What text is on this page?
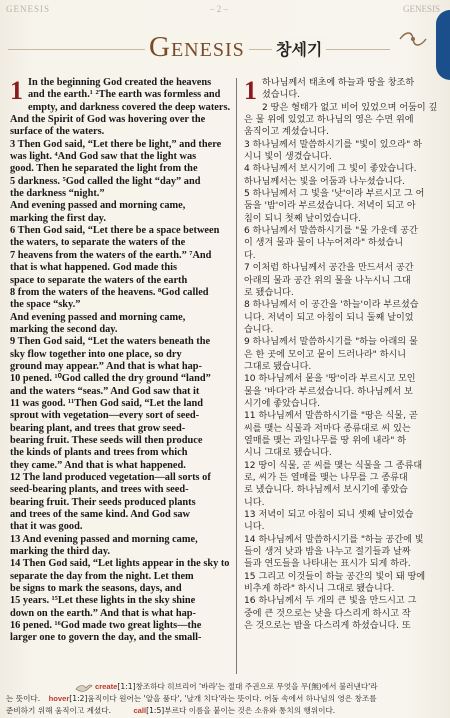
GENESIS	– 2 –	GENESIS
Genesis 창세기
1 In the beginning God created the heavens

and the earth.¹ ²The earth was formless and

empty, and darkness covered the deep waters.

And the Spirit of God was hovering over the

surface of the waters.

3 Then God said, “Let there be light,” and there

was light. ⁴And God saw that the light was

good. Then he separated the light from the

5 darkness. ⁵God called the light “day” and

the darkness “night.”

And evening passed and morning came,

marking the first day.

6 Then God said, “Let there be a space between

the waters, to separate the waters of the

7 heavens from the waters of the earth.” ⁷And

that is what happened. God made this

space to separate the waters of the earth

8 from the waters of the heavens. ⁸God called

the space “sky.”

And evening passed and morning came,

marking the second day.

9 Then God said, “Let the waters beneath the

sky flow together into one place, so dry

ground may appear.” And that is what hap-

10 pened. ¹⁰God called the dry ground “land”

and the waters “seas.” And God saw that it

11 was good. ¹¹Then God said, “Let the land

sprout with vegetation—every sort of seed-

bearing plant, and trees that grow seed-

bearing fruit. These seeds will then produce

the kinds of plants and trees from which

they came.” And that is what happened.

12 The land produced vegetation—all sorts of

seed-bearing plants, and trees with seed-

bearing fruit. Their seeds produced plants

and trees of the same kind. And God saw

that it was good.

13 And evening passed and morning came,

marking the third day.

14 Then God said, “Let lights appear in the sky to

separate the day from the night. Let them

be signs to mark the seasons, days, and

15 years. ¹⁵Let these lights in the sky shine

down on the earth.” And that is what hap-

16 pened. ¹⁶God made two great lights—the

larger one to govern the day, and the small-

1 하나님께서 태초에 하늘과 땅을 창조하

셨습니다.

2 땅은 형태가 없고 비어 있었으며 어둠이 깊

은 물 위에 있었고 하나님의 영은 수면 위에

움직이고 계셨습니다.

3 하나님께서 말씀하시기를 "빛이 있으라" 하

시니 빛이 생겼습니다.

4 하나님께서 보시기에 그 빛이 좋았습니다.

하나님께서는 빛을 어둠과 나누셨습니다.

5 하나님께서 그 빛을 '낮'이라 부르시고 그 어

둠을 '밤'이라 부르셨습니다. 저녁이 되고 아

침이 되니 첫째 날이었습니다.

6 하나님께서 말씀하시기를 "물 가운데 공간

이 생겨 물과 물이 나누어져라" 하셨습니

다.

7 이처럼 하나님께서 공간을 만드셔서 공간

아래의 물과 공간 위의 물을 나누시니 그대

로 됐습니다.

8 하나님께서 이 공간을 '하늘'이라 부르셨습

니다. 저녁이 되고 아침이 되니 둘째 날이었

습니다.

9 하나님께서 말씀하시기를 "하늘 아래의 물

은 한 곳에 모이고 뭍이 드러나라" 하시니

그대로 됐습니다.

10 하나님께서 뭍을 '땅'이라 부르시고 모인

물을 '바다'라 부르셨습니다. 하나님께서 보

시기에 좋았습니다.

11 하나님께서 말씀하시기를 "땅은 식물, 곧

씨를 맺는 식물과 저마다 종류대로 씨 있는

열매를 맺는 과일나무를 땅 위에 내라" 하

시니 그대로 됐습니다.

12 땅이 식물, 곧 씨를 맺는 식물을 그 종류대

로, 씨가 든 열매를 맺는 나무를 그 종류대

로 냈습니다. 하나님께서 보시기에 좋았습

니다.

13 저녁이 되고 아침이 되니 셋째 날이었습

니다.

14 하나님께서 말씀하시기를 "하늘 공간에 빛

들이 생겨 낮과 밤을 나누고 절기들과 날짜

들과 연도들을 나타내는 표시가 되게 하라.

15 그리고 이것들이 하늘 공간의 빛이 돼 땅에

비추게 하라" 하시니 그대로 됐습니다.

16 하나님께서 두 개의 큰 빛을 만드시고 그

중에 큰 것으로는 낮을 다스리게 하시고 작

은 것으로는 밤을 다스리게 하셨습니다. 또

create[1:1]창조하다 히브리어 '바라'는 절대 주권으로 무엇을 무(無)에서 불러낸다'라
는 뜻이다. hover[1:2]움직이다 원어는 '알을 품다', '날개 치다'라는 뜻이다. 어둠 속에서 하나님의 영은 창조를
준비하기 위해 움직이고 계셨다.	call[1:5]부르다 이름을 붙이는 것은 소유와 통치의 행위이다.
